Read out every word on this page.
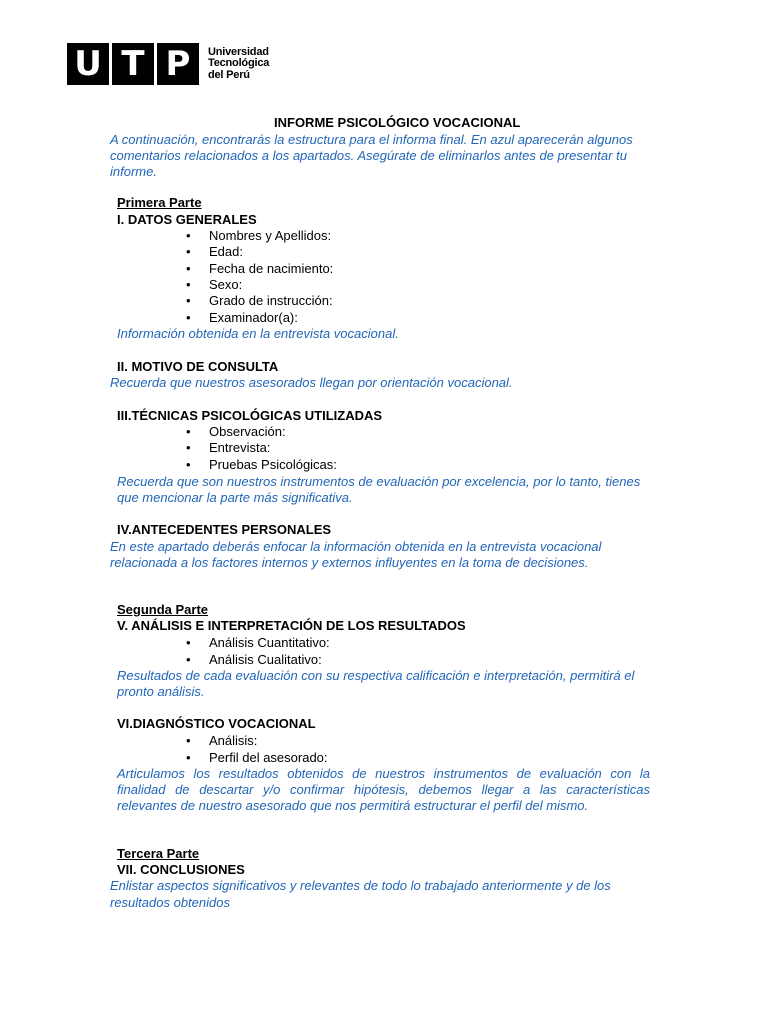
U T P	Universidad
Tecnológica
del Perú
INFORME PSICOLÓGICO VOCACIONAL
A continuación, encontrarás la estructura para el informa final. En azul aparecerán algunos
comentarios relacionados a los apartados. Asegúrate de eliminarlos antes de presentar tu
informe.
Primera Parte
I. DATOS GENERALES
• Nombres y Apellidos:
• Edad:
• Fecha de nacimiento:
• Sexo:
• Grado de instrucción:
• Examinador(a):
Información obtenida en la entrevista vocacional.
II. MOTIVO DE CONSULTA
Recuerda que nuestros asesorados llegan por orientación vocacional.
III.TÉCNICAS PSICOLÓGICAS UTILIZADAS
• Observación:
• Entrevista:
• Pruebas Psicológicas:
Recuerda que son nuestros instrumentos de evaluación por excelencia, por lo tanto, tienes
que mencionar la parte más significativa.
IV.ANTECEDENTES PERSONALES
En este apartado deberás enfocar la información obtenida en la entrevista vocacional
relacionada a los factores internos y externos influyentes en la toma de decisiones.
Segunda Parte
V. ANÁLISIS E INTERPRETACIÓN DE LOS RESULTADOS
• Análisis Cuantitativo:
• Análisis Cualitativo:
Resultados de cada evaluación con su respectiva calificación e interpretación, permitirá el
pronto análisis.
VI.DIAGNÓSTICO VOCACIONAL
• Análisis:
• Perfil del asesorado:
Articulamos los resultados obtenidos de nuestros instrumentos de evaluación con la finalidad de descartar y/o confirmar hipótesis, debemos llegar a las características relevantes de nuestro asesorado que nos permitirá estructurar el perfil del mismo.
Tercera Parte
VII. CONCLUSIONES
Enlistar aspectos significativos y relevantes de todo lo trabajado anteriormente y de los
resultados obtenidos
